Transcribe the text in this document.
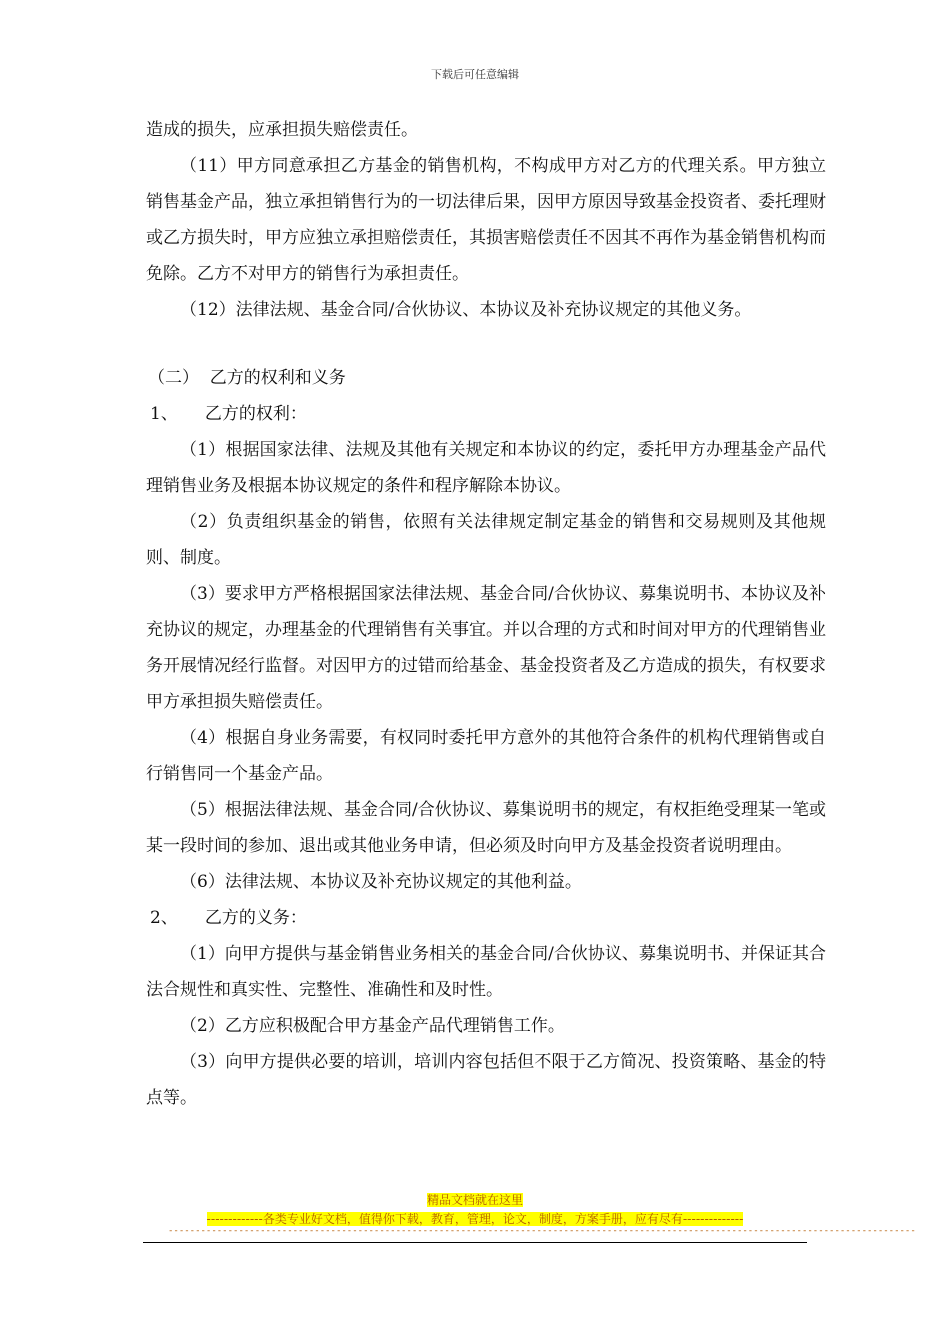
下载后可任意编辑

造成的损失，应承担损失赔偿责任。

（11）甲方同意承担乙方基金的销售机构，不构成甲方对乙方的代理关系。甲方独立销售基金产品，独立承担销售行为的一切法律后果，因甲方原因导致基金投资者、委托理财或乙方损失时，甲方应独立承担赔偿责任，其损害赔偿责任不因其不再作为基金销售机构而免除。乙方不对甲方的销售行为承担责任。

（12）法律法规、基金合同/合伙协议、本协议及补充协议规定的其他义务。

（二）  乙方的权利和义务

1、     乙方的权利：

（1）根据国家法律、法规及其他有关规定和本协议的约定，委托甲方办理基金产品代理销售业务及根据本协议规定的条件和程序解除本协议。

（2）负责组织基金的销售，依照有关法律规定制定基金的销售和交易规则及其他规则、制度。

（3）要求甲方严格根据国家法律法规、基金合同/合伙协议、募集说明书、本协议及补充协议的规定，办理基金的代理销售有关事宜。并以合理的方式和时间对甲方的代理销售业务开展情况经行监督。对因甲方的过错而给基金、基金投资者及乙方造成的损失，有权要求甲方承担损失赔偿责任。

（4）根据自身业务需要，有权同时委托甲方意外的其他符合条件的机构代理销售或自行销售同一个基金产品。

（5）根据法律法规、基金合同/合伙协议、募集说明书的规定，有权拒绝受理某一笔或某一段时间的参加、退出或其他业务申请，但必须及时向甲方及基金投资者说明理由。

（6）法律法规、本协议及补充协议规定的其他利益。

2、     乙方的义务：

（1）向甲方提供与基金销售业务相关的基金合同/合伙协议、募集说明书、并保证其合法合规性和真实性、完整性、准确性和及时性。

（2）乙方应积极配合甲方基金产品代理销售工作。

（3）向甲方提供必要的培训，培训内容包括但不限于乙方简况、投资策略、基金的特点等。

精品文档就在这里
-------------各类专业好文档，值得你下载，教育，管理，论文，制度，方案手册，应有尽有--------------
------------------------------------------------------------------------------------------------------------------------------------------
